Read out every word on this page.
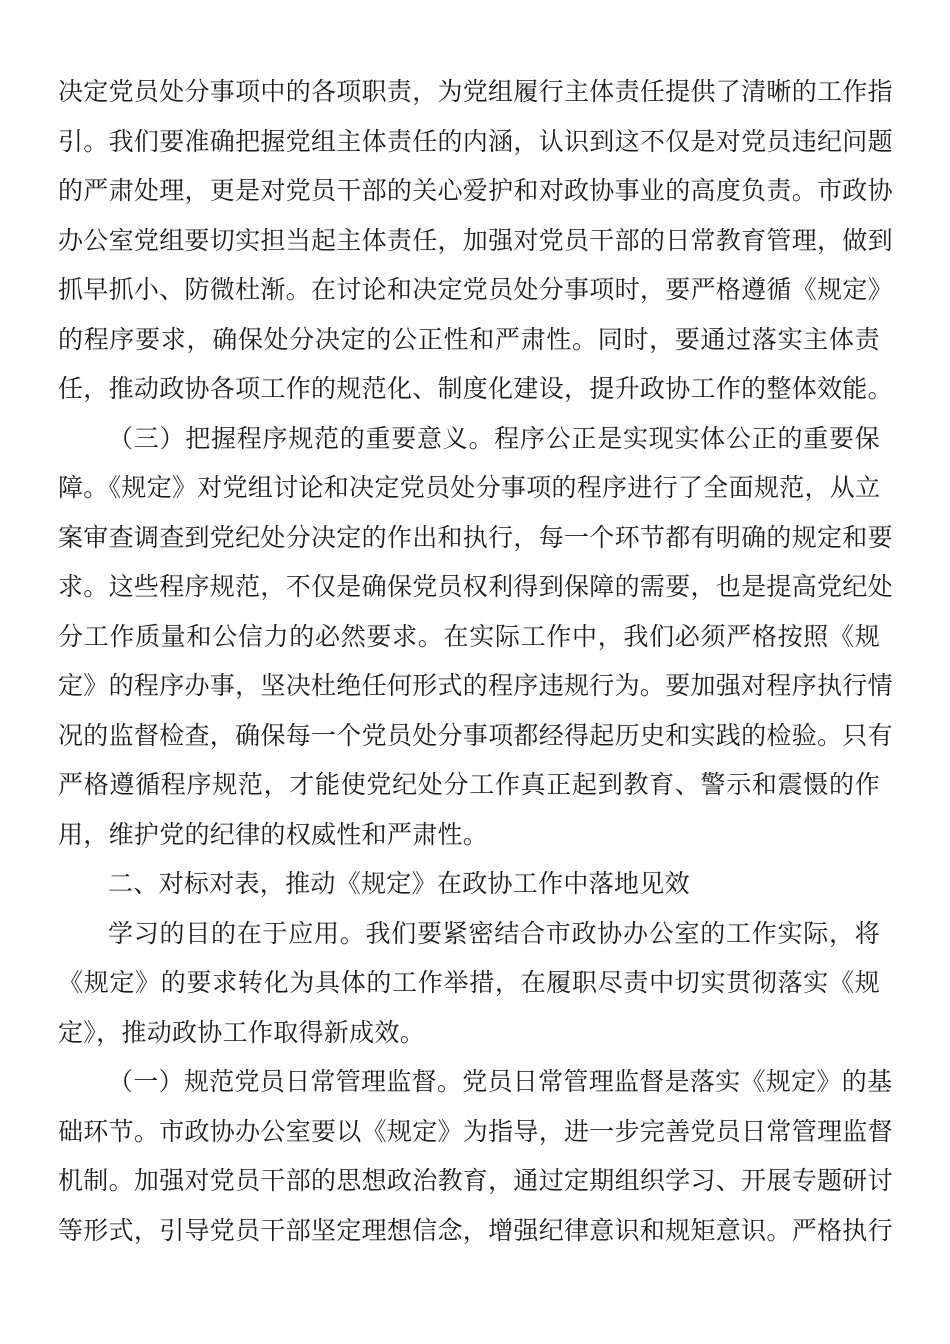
决定党员处分事项中的各项职责，为党组履行主体责任提供了清晰的工作指
引。我们要准确把握党组主体责任的内涵，认识到这不仅是对党员违纪问题
的严肃处理，更是对党员干部的关心爱护和对政协事业的高度负责。市政协
办公室党组要切实担当起主体责任，加强对党员干部的日常教育管理，做到
抓早抓小、防微杜渐。在讨论和决定党员处分事项时，要严格遵循《规定》
的程序要求，确保处分决定的公正性和严肃性。同时，要通过落实主体责
任，推动政协各项工作的规范化、制度化建设，提升政协工作的整体效能。
（三）把握程序规范的重要意义。程序公正是实现实体公正的重要保
障。《规定》对党组讨论和决定党员处分事项的程序进行了全面规范，从立
案审查调查到党纪处分决定的作出和执行，每一个环节都有明确的规定和要
求。这些程序规范，不仅是确保党员权利得到保障的需要，也是提高党纪处
分工作质量和公信力的必然要求。在实际工作中，我们必须严格按照《规
定》的程序办事，坚决杜绝任何形式的程序违规行为。要加强对程序执行情
况的监督检查，确保每一个党员处分事项都经得起历史和实践的检验。只有
严格遵循程序规范，才能使党纪处分工作真正起到教育、警示和震慑的作
用，维护党的纪律的权威性和严肃性。
二、对标对表，推动《规定》在政协工作中落地见效
学习的目的在于应用。我们要紧密结合市政协办公室的工作实际，将
《规定》的要求转化为具体的工作举措，在履职尽责中切实贯彻落实《规
定》，推动政协工作取得新成效。
（一）规范党员日常管理监督。党员日常管理监督是落实《规定》的基
础环节。市政协办公室要以《规定》为指导，进一步完善党员日常管理监督
机制。加强对党员干部的思想政治教育，通过定期组织学习、开展专题研讨
等形式，引导党员干部坚定理想信念，增强纪律意识和规矩意识。严格执行
